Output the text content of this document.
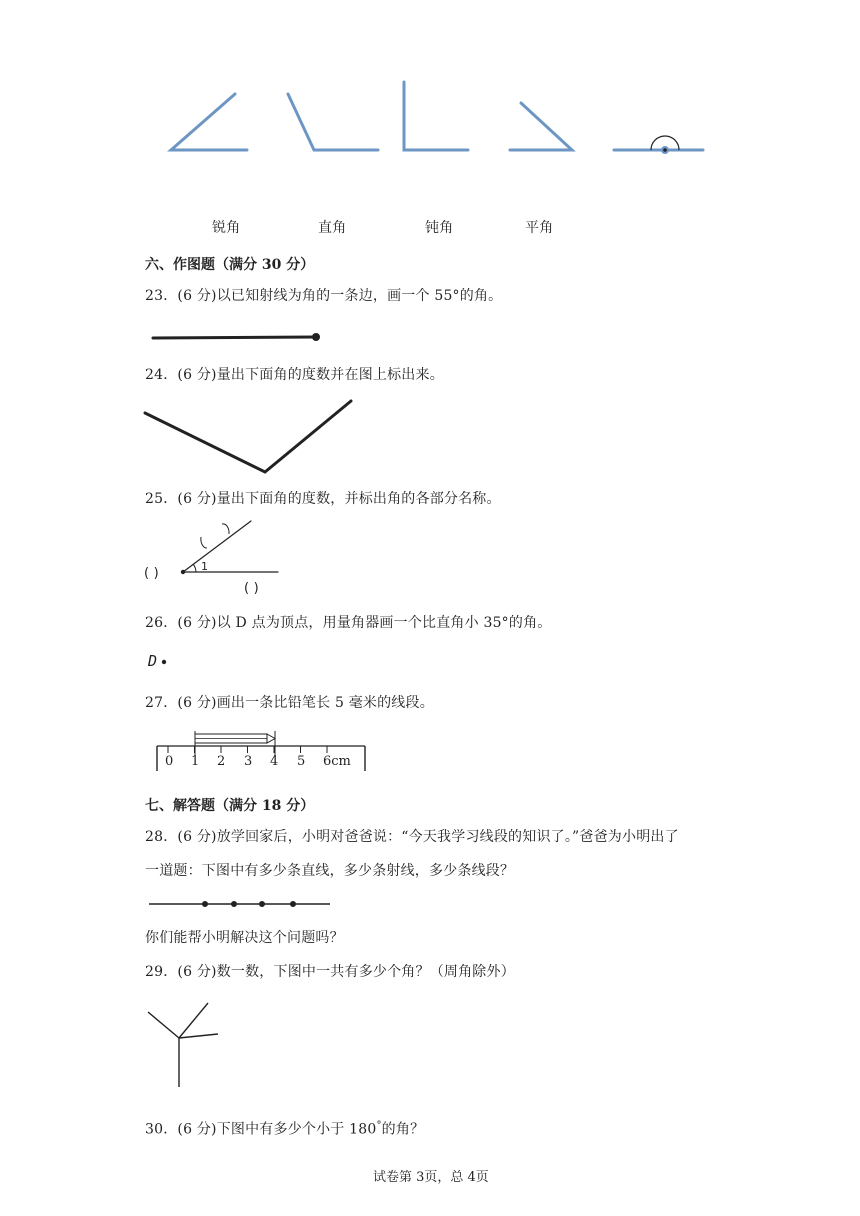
锐角	直角	钝角	平角
六、作图题（满分 30 分）
23．(6 分)以已知射线为角的一条边，画一个 55°的角。
24．(6 分)量出下面角的度数并在图上标出来。
25．(6 分)量出下面角的度数，并标出角的各部分名称。
1
( )
( )
26．(6 分)以 D 点为顶点，用量角器画一个比直角小 35°的角。
D
27．(6 分)画出一条比铅笔长 5 毫米的线段。
0 1 2 3 4 5 6cm
七、解答题（满分 18 分）
28．(6 分)放学回家后，小明对爸爸说：“今天我学习线段的知识了。”爸爸为小明出了
一道题：下图中有多少条直线，多少条射线，多少条线段？
你们能帮小明解决这个问题吗？
29．(6 分)数一数，下图中一共有多少个角？（周角除外）
30．(6 分)下图中有多少个小于 180°的角？
试卷第 3页，总 4页
